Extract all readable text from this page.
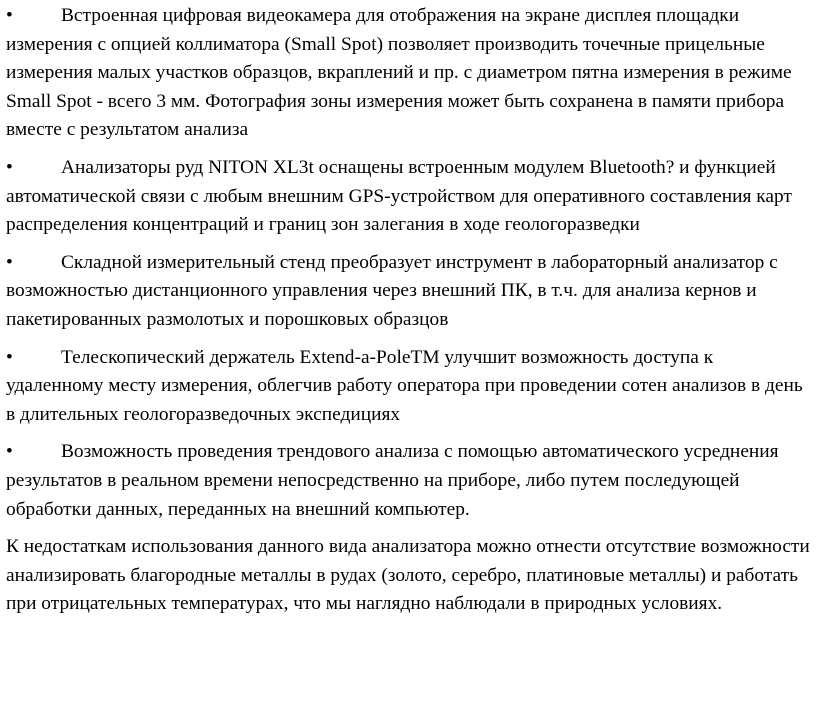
• Встроенная цифровая видеокамера для отображения на экране дисплея площадки измерения с опцией коллиматора (Small Spot) позволяет производить точечные прицельные измерения малых участков образцов, вкраплений и пр. с диаметром пятна измерения в режиме Small Spot - всего 3 мм. Фотография зоны измерения может быть сохранена в памяти прибора вместе с результатом анализа

• Анализаторы руд NITON XL3t оснащены встроенным модулем Bluetooth? и функцией автоматической связи с любым внешним GPS-устройством для оперативного составления карт распределения концентраций и границ зон залегания в ходе геологоразведки

• Складной измерительный стенд преобразует инструмент в лабораторный анализатор с возможностью дистанционного управления через внешний ПК, в т.ч. для анализа кернов и пакетированных размолотых и порошковых образцов

• Телескопический держатель Extend-a-PoleTM улучшит возможность доступа к удаленному месту измерения, облегчив работу оператора при проведении сотен анализов в день в длительных геологоразведочных экспедициях

• Возможность проведения трендового анализа с помощью автоматического усреднения результатов в реальном времени непосредственно на приборе, либо путем последующей обработки данных, переданных на внешний компьютер.

К недостаткам использования данного вида анализатора можно отнести отсутствие возможности анализировать благородные металлы в рудах (золото, серебро, платиновые металлы) и работать при отрицательных температурах, что мы наглядно наблюдали в природных условиях.
